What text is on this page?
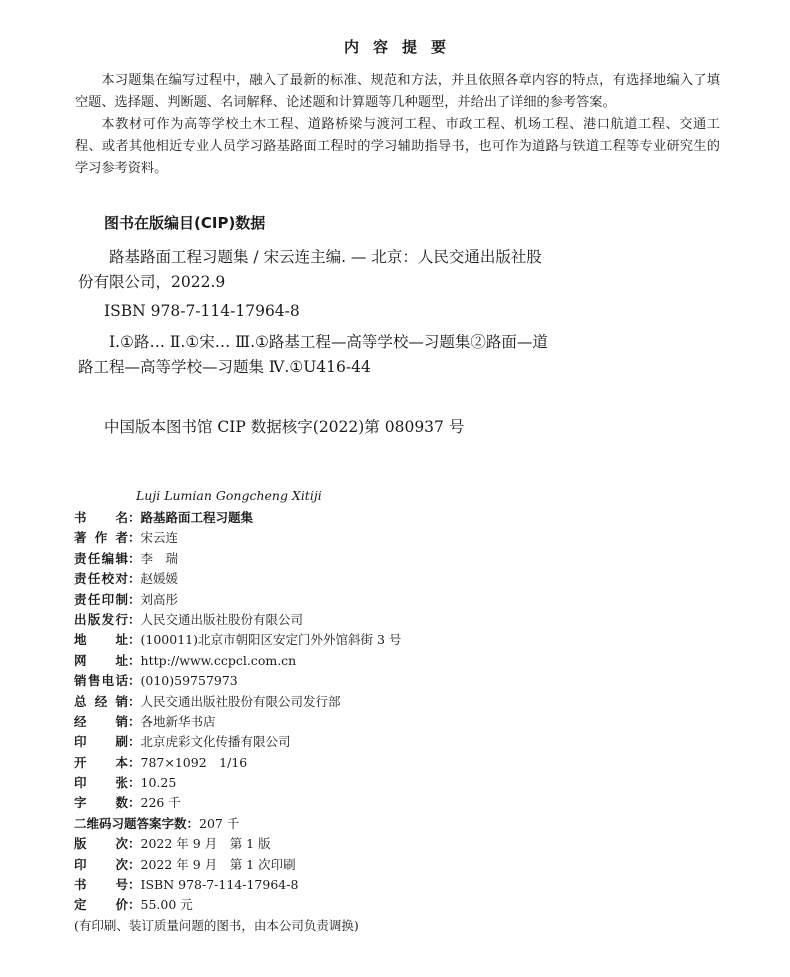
内容提要

本习题集在编写过程中，融入了最新的标准、规范和方法，并且依照各章内容的特点，有选择地编入了填空题、选择题、判断题、名词解释、论述题和计算题等几种题型，并给出了详细的参考答案。

本教材可作为高等学校土木工程、道路桥梁与渡河工程、市政工程、机场工程、港口航道工程、交通工程、或者其他相近专业人员学习路基路面工程时的学习辅助指导书，也可作为道路与铁道工程等专业研究生的学习参考资料。

图书在版编目(CIP)数据

路基路面工程习题集 / 宋云连主编. — 北京：人民交通出版社股份有限公司，2022.9

ISBN 978-7-114-17964-8

Ⅰ.①路… Ⅱ.①宋… Ⅲ.①路基工程—高等学校—习题集②路面—道路工程—高等学校—习题集 Ⅳ.①U416-44

中国版本图书馆 CIP 数据核字(2022)第 080937 号
Luji Lumian Gongcheng Xitiji
书名 ： 路基路面工程习题集
著作者 ： 宋云连
责任编辑 ： 李　瑞
责任校对 ： 赵媛媛
责任印制 ： 刘高彤
出版发行 ： 人民交通出版社股份有限公司
地址 ： (100011)北京市朝阳区安定门外外馆斜街 3 号
网址 ： http://www.ccpcl.com.cn
销售电话 ： (010)59757973
总经销 ： 人民交通出版社股份有限公司发行部
经销 ： 各地新华书店
印刷 ： 北京虎彩文化传播有限公司
开本 ： 787×1092　1/16
印张 ： 10.25
字数 ： 226 千
二维码习题答案字数 ： 207 千
版次 ： 2022 年 9 月　第 1 版
印次 ： 2022 年 9 月　第 1 次印刷
书号 ： ISBN 978-7-114-17964-8
定价 ： 55.00 元
(有印刷、装订质量问题的图书，由本公司负责调换)
